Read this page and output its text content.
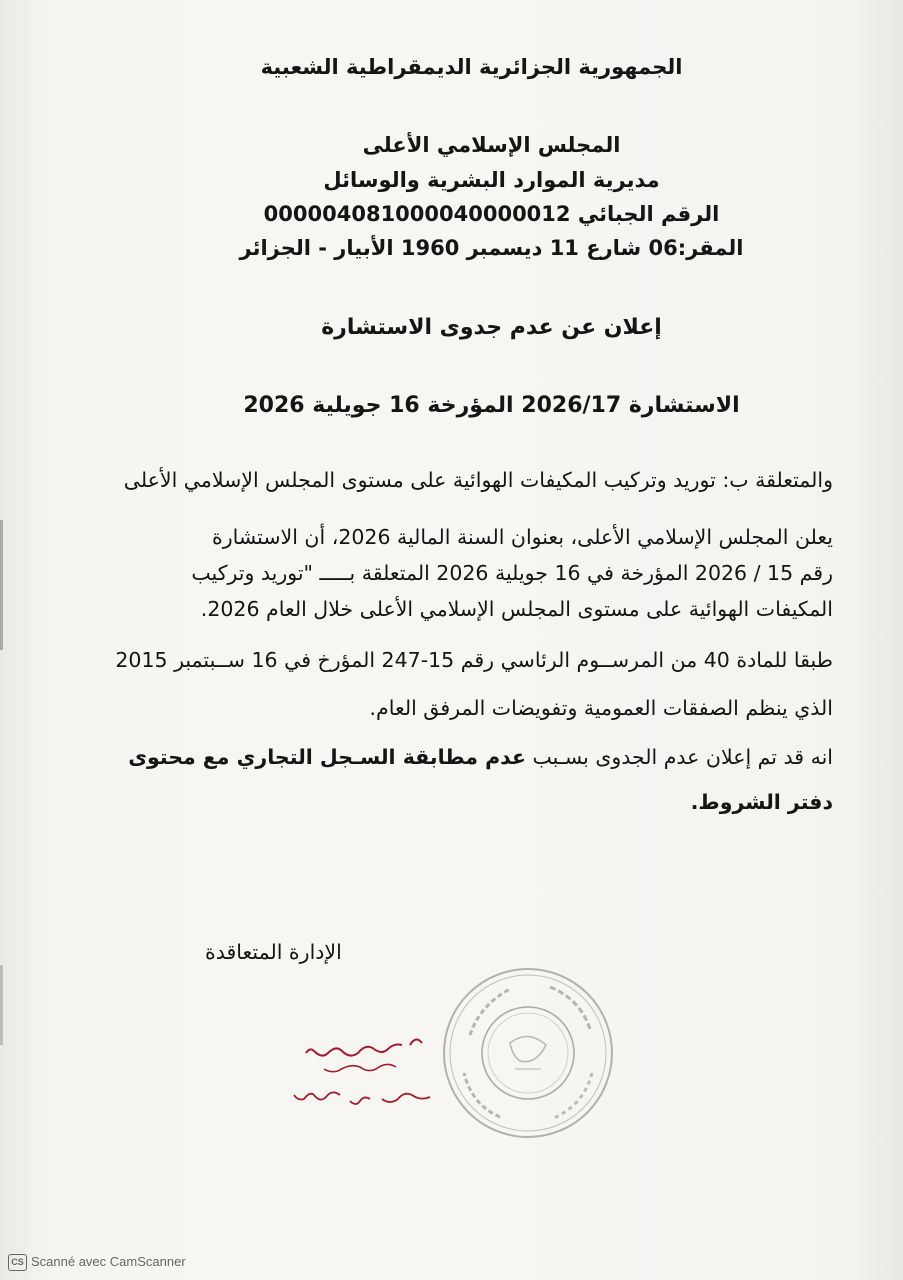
الجمهورية الجزائرية الديمقراطية الشعبية

المجلس الإسلامي الأعلى

مديرية الموارد البشرية والوسائل

الرقم الجبائي 000004081000040000012

المقر:06 شارع 11 ديسمبر 1960 الأبيار - الجزائر

إعلان عن عدم جدوى الاستشارة

الاستشارة 2026/17 المؤرخة 16 جويلية 2026

والمتعلقة ب: توريد وتركيب المكيفات الهوائية على مستوى المجلس الإسلامي الأعلى

يعلن المجلس الإسلامي الأعلى، بعنوان السنة المالية 2026، أن الاستشارة

رقم 15 / 2026 المؤرخة في 16 جويلية 2026 المتعلقة بـــــ "توريد وتركيب

المكيفات الهوائية على مستوى المجلس الإسلامي الأعلى خلال العام 2026.

طبقا للمادة 40 من المرســوم الرئاسي رقم 15-247 المؤرخ في 16 ســبتمبر 2015

الذي ينظم الصفقات العمومية وتفويضات المرفق العام.

انه قد تم إعلان عدم الجدوى بسـبب عدم مطابقة السـجل التجاري مع محتوى

دفتر الشروط.

الإدارة المتعاقدة

CS Scanné avec CamScanner
